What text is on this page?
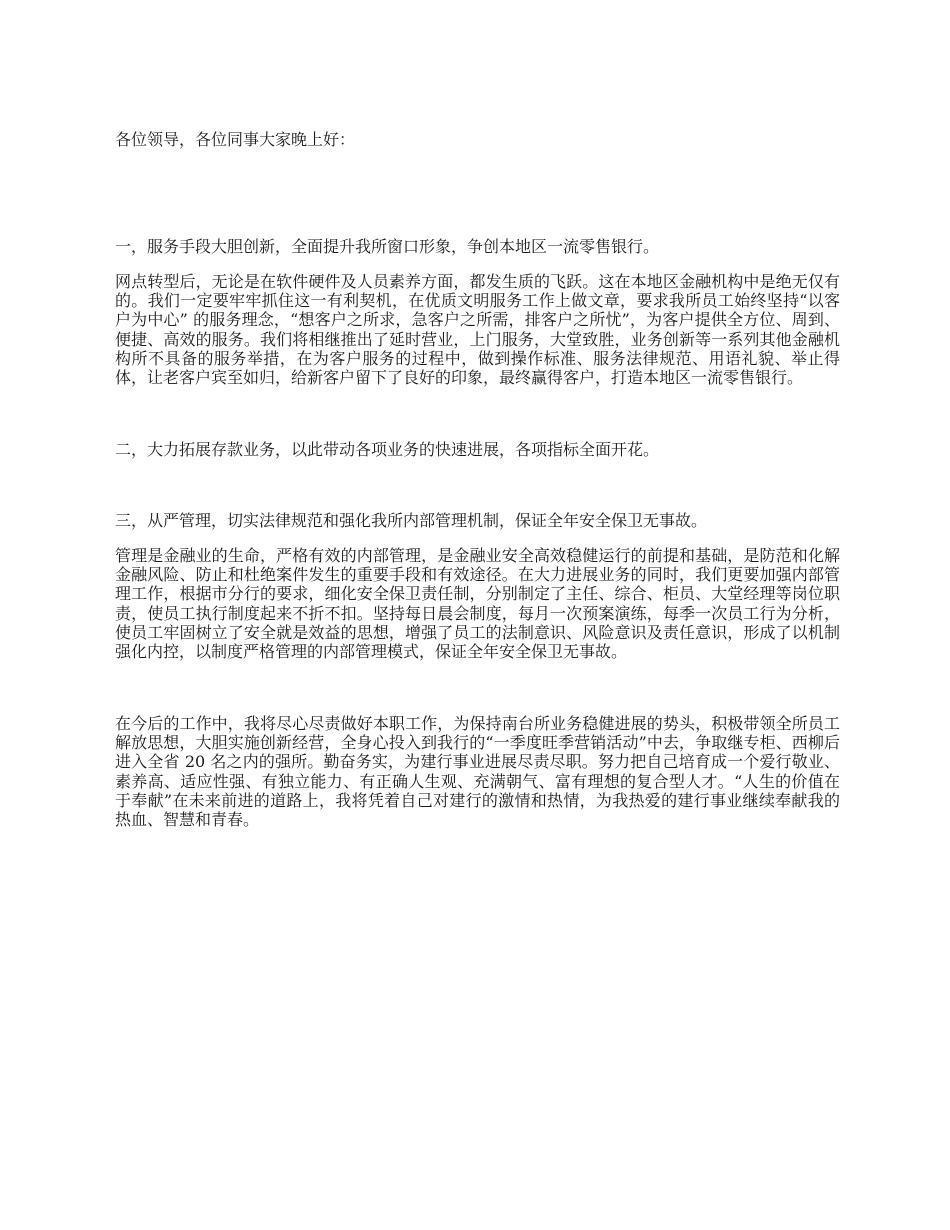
各位领导，各位同事大家晚上好：

一，服务手段大胆创新，全面提升我所窗口形象，争创本地区一流零售银行。

网点转型后，无论是在软件硬件及人员素养方面，都发生质的飞跃。这在本地区金融机构中是绝无仅有的。我们一定要牢牢抓住这一有利契机，在优质文明服务工作上做文章，要求我所员工始终坚持“以客户为中心” 的服务理念，“想客户之所求，急客户之所需，排客户之所忧”，为客户提供全方位、周到、便捷、高效的服务。我们将相继推出了延时营业，上门服务，大堂致胜，业务创新等一系列其他金融机构所不具备的服务举措，在为客户服务的过程中，做到操作标准、服务法律规范、用语礼貌、举止得体，让老客户宾至如归，给新客户留下了良好的印象，最终赢得客户，打造本地区一流零售银行。

二，大力拓展存款业务，以此带动各项业务的快速进展，各项指标全面开花。

三，从严管理，切实法律规范和强化我所内部管理机制，保证全年安全保卫无事故。

管理是金融业的生命，严格有效的内部管理，是金融业安全高效稳健运行的前提和基础，是防范和化解金融风险、防止和杜绝案件发生的重要手段和有效途径。在大力进展业务的同时，我们更要加强内部管理工作，根据市分行的要求，细化安全保卫责任制，分别制定了主任、综合、柜员、大堂经理等岗位职责，使员工执行制度起来不折不扣。坚持每日晨会制度，每月一次预案演练，每季一次员工行为分析，使员工牢固树立了安全就是效益的思想，增强了员工的法制意识、风险意识及责任意识，形成了以机制强化内控，以制度严格管理的内部管理模式，保证全年安全保卫无事故。

在今后的工作中，我将尽心尽责做好本职工作，为保持南台所业务稳健进展的势头，积极带领全所员工解放思想，大胆实施创新经营，全身心投入到我行的“一季度旺季营销活动”中去，争取继专柜、西柳后进入全省 20 名之内的强所。勤奋务实，为建行事业进展尽责尽职。努力把自己培育成一个爱行敬业、素养高、适应性强、有独立能力、有正确人生观、充满朝气、富有理想的复合型人才。“人生的价值在于奉献”在未来前进的道路上，我将凭着自己对建行的激情和热情，为我热爱的建行事业继续奉献我的热血、智慧和青春。
